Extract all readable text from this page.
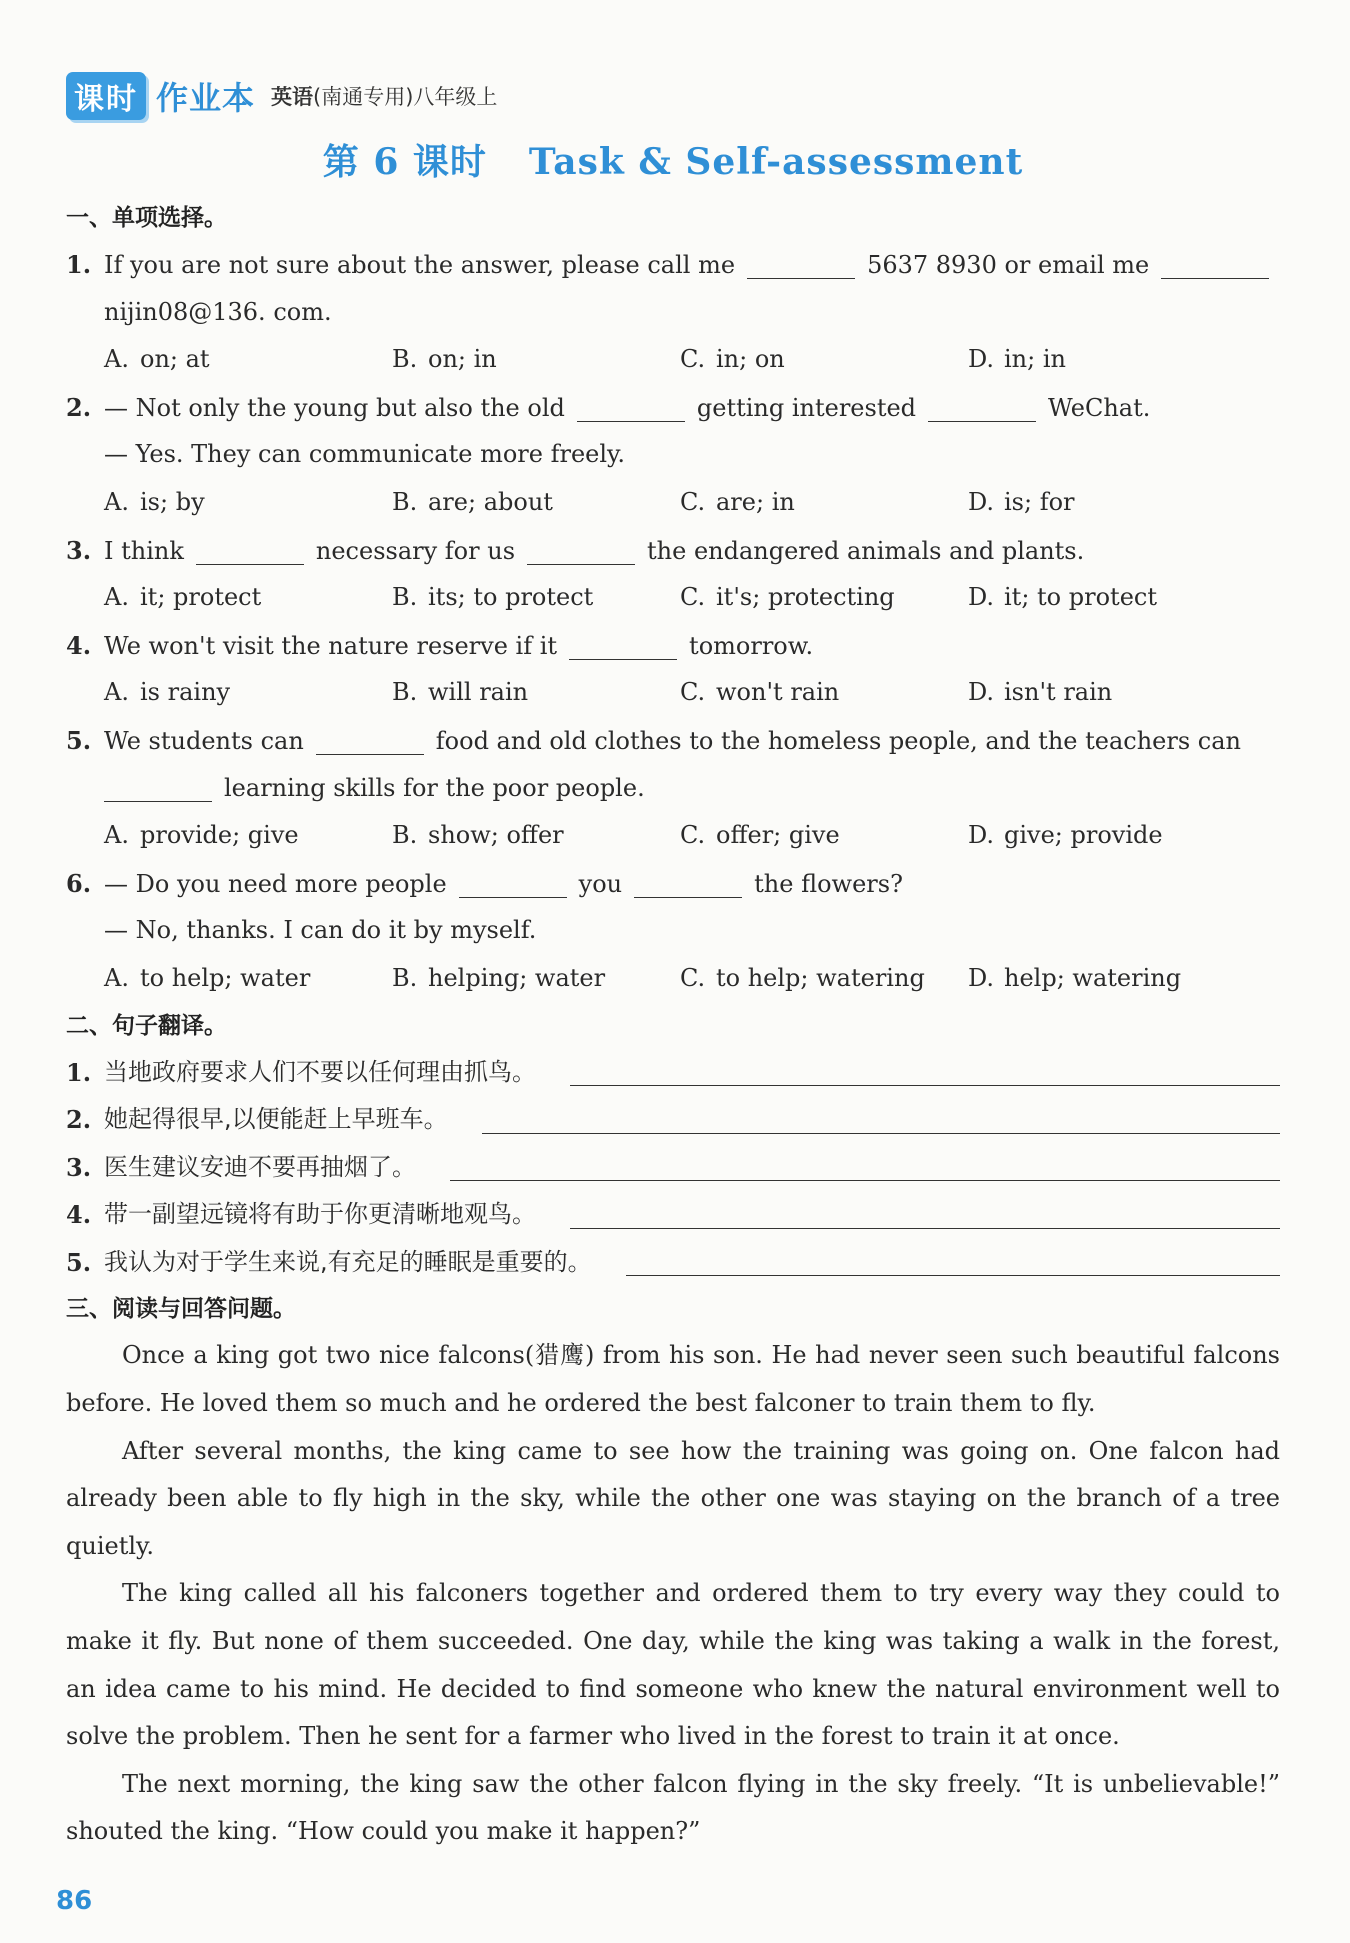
课时 作业本 英语(南通专用)八年级上
第 6 课时 Task & Self-assessment
一、单项选择。
1. If you are not sure about the answer, please call me	5637 8930 or email me
nijin08@136. com.
A. on; at	B. on; in	C. in; on	D. in; in
2. — Not only the young but also the old	getting interested	WeChat.
— Yes. They can communicate more freely.
A. is; by	B. are; about	C. are; in	D. is; for
3. I think	necessary for us	the endangered animals and plants.
A. it; protect	B. its; to protect	C. it's; protecting	D. it; to protect
4. We won't visit the nature reserve if it	tomorrow.
A. is rainy	B. will rain	C. won't rain	D. isn't rain
5. We students can	food and old clothes to the homeless people, and the teachers can
learning skills for the poor people.
A. provide; give	B. show; offer	C. offer; give	D. give; provide
6. — Do you need more people	you	the flowers?
— No, thanks. I can do it by myself.
A. to help; water	B. helping; water	C. to help; watering	D. help; watering
二、句子翻译。
1. 当地政府要求人们不要以任何理由抓鸟。
2. 她起得很早,以便能赶上早班车。
3. 医生建议安迪不要再抽烟了。
4. 带一副望远镜将有助于你更清晰地观鸟。
5. 我认为对于学生来说,有充足的睡眠是重要的。
三、阅读与回答问题。

Once a king got two nice falcons(猎鹰) from his son. He had never seen such beautiful falcons before. He loved them so much and he ordered the best falconer to train them to fly.

After several months, the king came to see how the training was going on. One falcon had already been able to fly high in the sky, while the other one was staying on the branch of a tree quietly.

The king called all his falconers together and ordered them to try every way they could to make it fly. But none of them succeeded. One day, while the king was taking a walk in the forest, an idea came to his mind. He decided to find someone who knew the natural environment well to solve the problem. Then he sent for a farmer who lived in the forest to train it at once.

The next morning, the king saw the other falcon flying in the sky freely. “It is unbelievable!” shouted the king. “How could you make it happen?”

86
